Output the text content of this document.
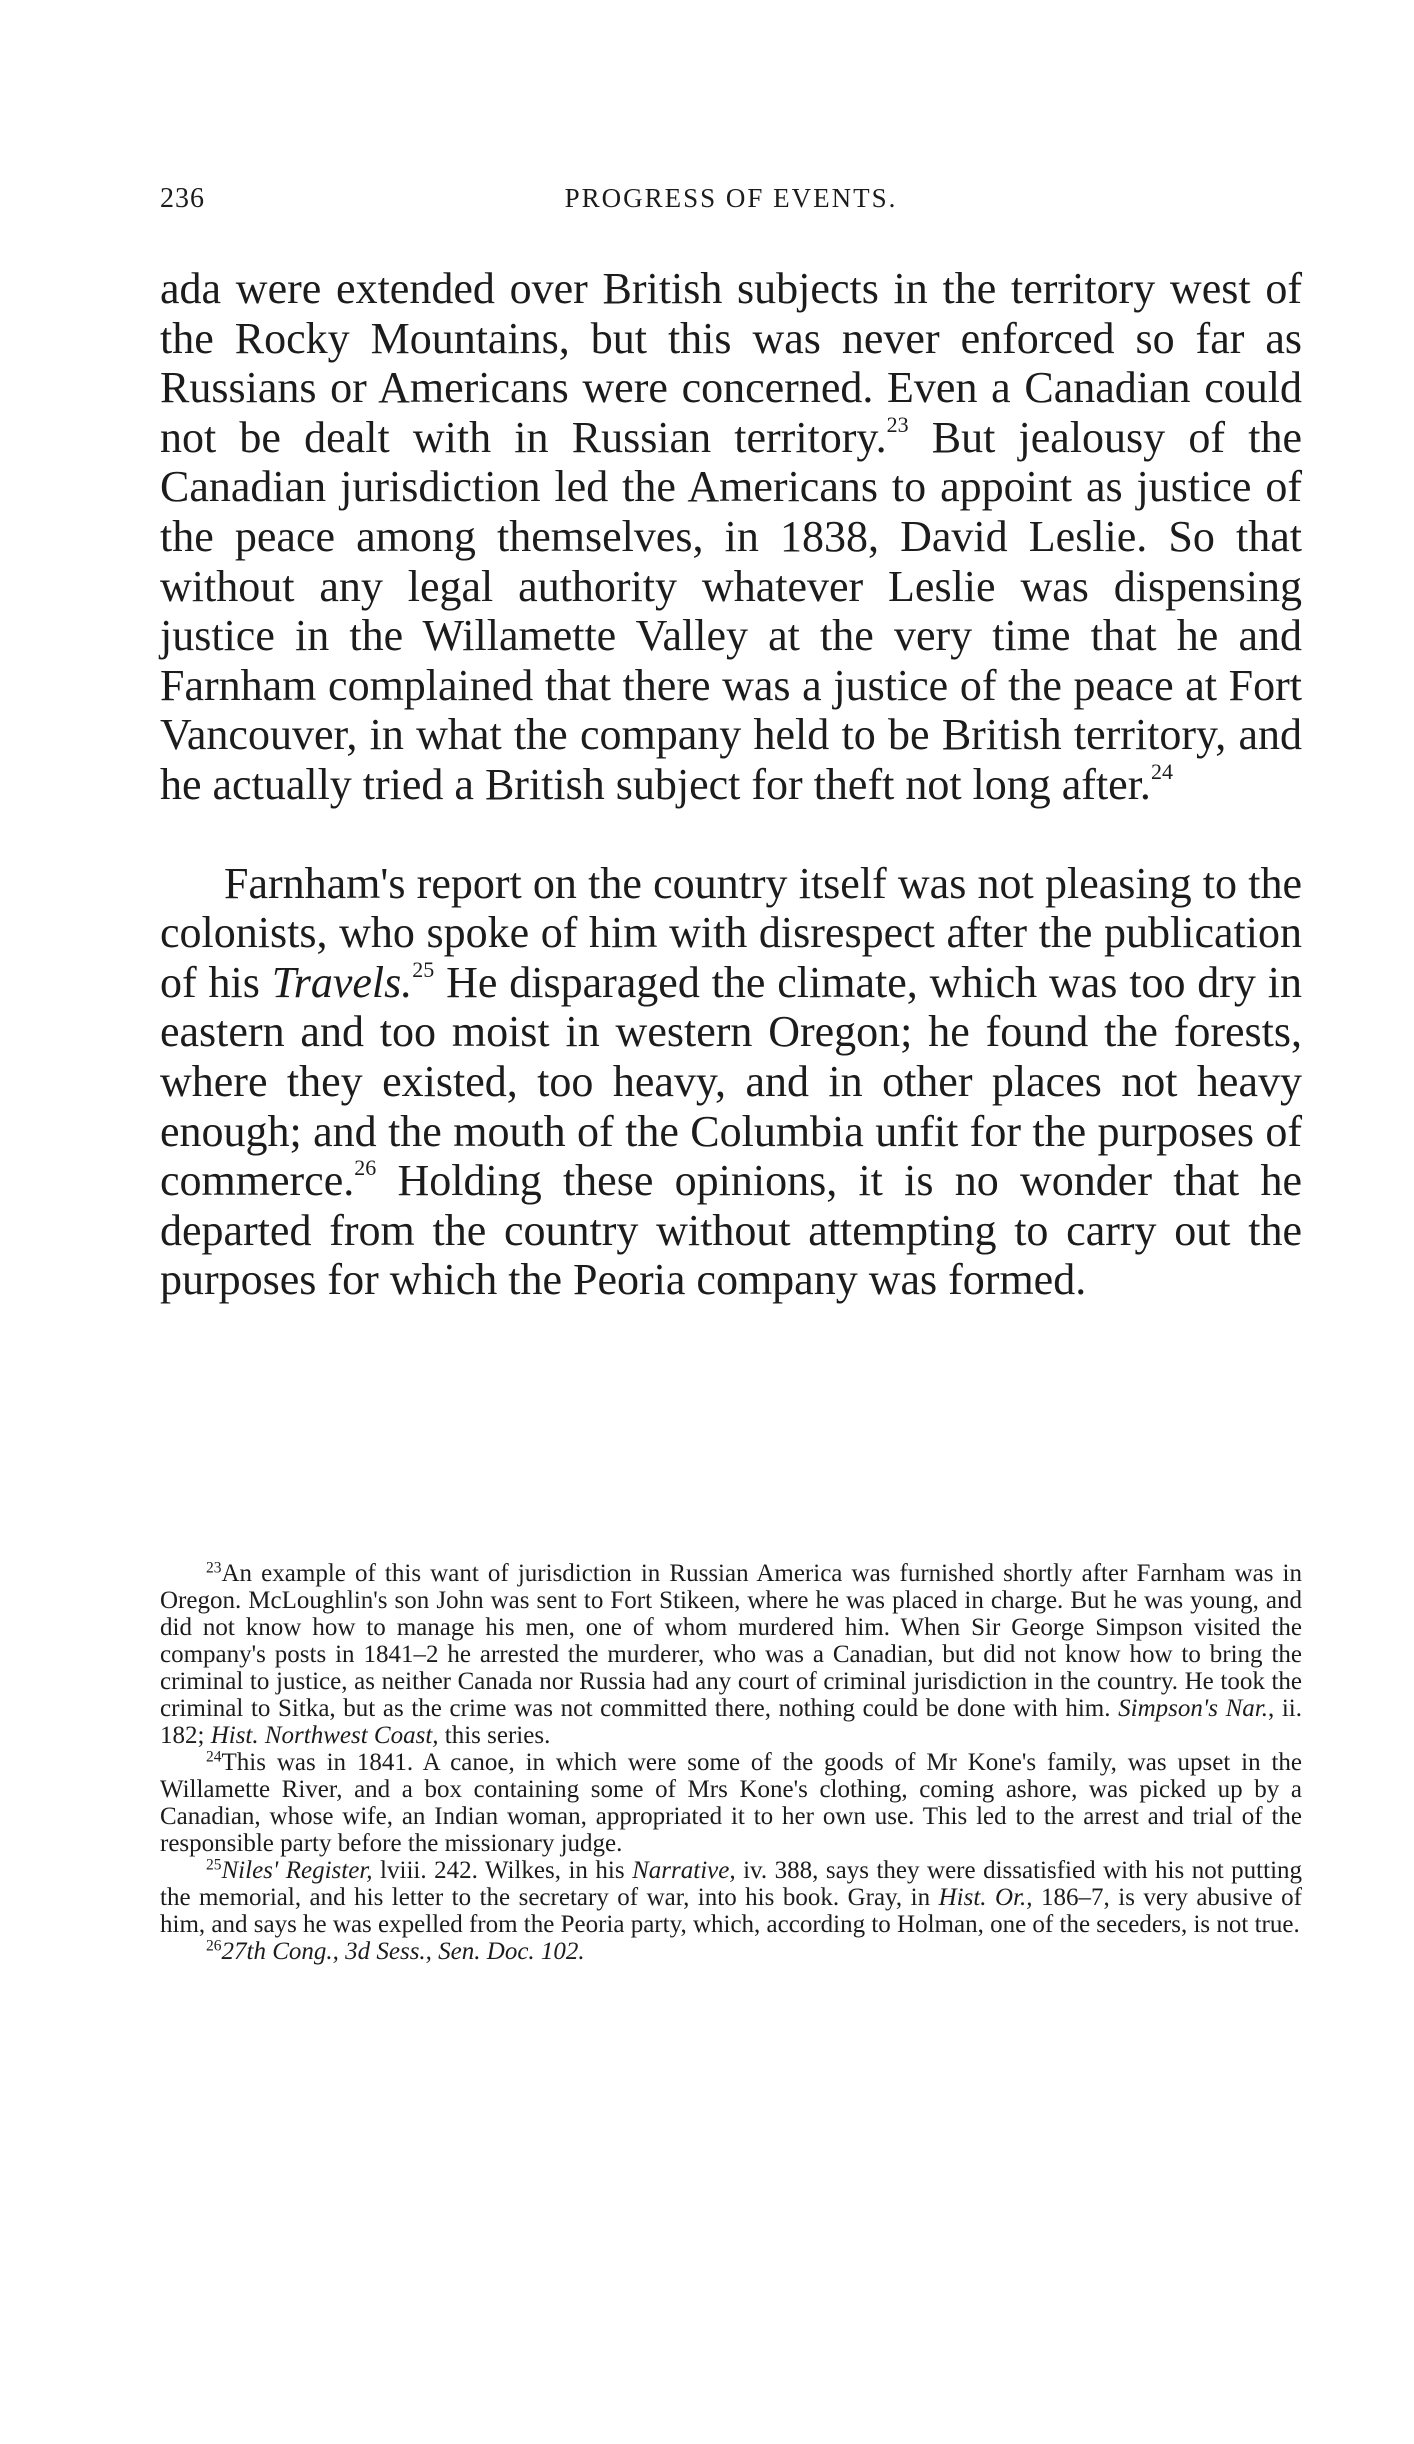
236	PROGRESS OF EVENTS.

ada were extended over British subjects in the territory west of the Rocky Mountains, but this was never enforced so far as Russians or Americans were concerned. Even a Canadian could not be dealt with in Russian territory.$^{23}$ But jealousy of the Canadian jurisdiction led the Americans to appoint as justice of the peace among themselves, in 1838, David Leslie. So that without any legal authority whatever Leslie was dispensing justice in the Willamette Valley at the very time that he and Farnham complained that there was a justice of the peace at Fort Vancouver, in what the company held to be British territory, and he actually tried a British subject for theft not long after.$^{24}$

Farnham's report on the country itself was not pleasing to the colonists, who spoke of him with disrespect after the publication of his Travels.$^{25}$ He disparaged the climate, which was too dry in eastern and too moist in western Oregon; he found the forests, where they existed, too heavy, and in other places not heavy enough; and the mouth of the Columbia unfit for the purposes of commerce.$^{26}$ Holding these opinions, it is no wonder that he departed from the country without attempting to carry out the purposes for which the Peoria company was formed.

$^{23}$An example of this want of jurisdiction in Russian America was furnished shortly after Farnham was in Oregon. McLoughlin's son John was sent to Fort Stikeen, where he was placed in charge. But he was young, and did not know how to manage his men, one of whom murdered him. When Sir George Simpson visited the company's posts in 1841–2 he arrested the murderer, who was a Canadian, but did not know how to bring the criminal to justice, as neither Canada nor Russia had any court of criminal jurisdiction in the country. He took the criminal to Sitka, but as the crime was not committed there, nothing could be done with him. Simpson's Nar., ii. 182; Hist. Northwest Coast, this series.

$^{24}$This was in 1841. A canoe, in which were some of the goods of Mr Kone's family, was upset in the Willamette River, and a box containing some of Mrs Kone's clothing, coming ashore, was picked up by a Canadian, whose wife, an Indian woman, appropriated it to her own use. This led to the arrest and trial of the responsible party before the missionary judge.

$^{25}$Niles' Register, lviii. 242. Wilkes, in his Narrative, iv. 388, says they were dissatisfied with his not putting the memorial, and his letter to the secretary of war, into his book. Gray, in Hist. Or., 186–7, is very abusive of him, and says he was expelled from the Peoria party, which, according to Holman, one of the seceders, is not true.

$^{26}$27th Cong., 3d Sess., Sen. Doc. 102.
